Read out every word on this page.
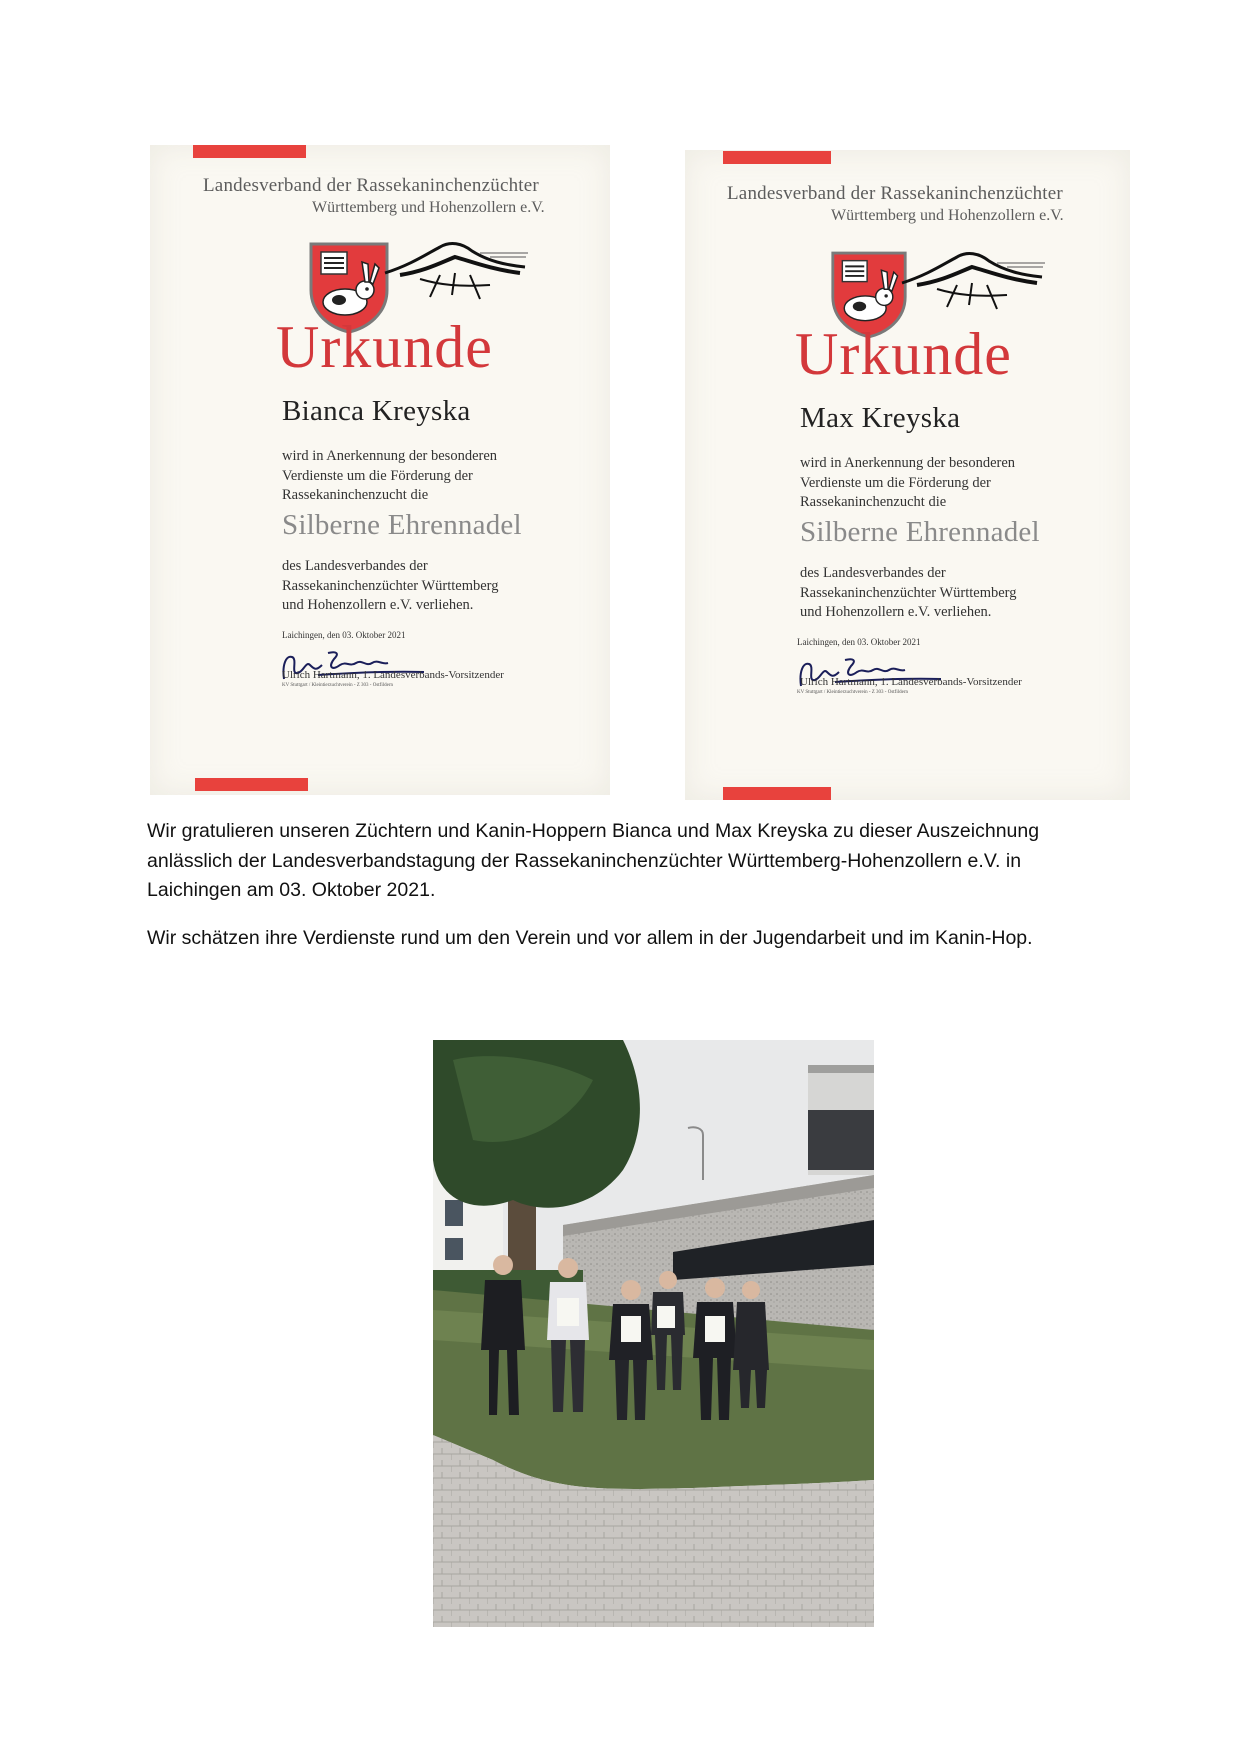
Landesverband der Rassekaninchenzüchter
Württemberg und Hohenzollern e.V.
Urkunde
Bianca Kreyska
wird in Anerkennung der besonderen
Verdienste um die Förderung der
Rassekaninchenzucht die
Silberne Ehrennadel
des Landesverbandes der
Rassekaninchenzüchter Württemberg
und Hohenzollern e.V. verliehen.
Laichingen, den 03. Oktober 2021
Ulrich Hartmann, 1. Landesverbands-Vorsitzender
KV Stuttgart / Kleintierzuchtverein - Z 303 - Ostfildern
Landesverband der Rassekaninchenzüchter
Württemberg und Hohenzollern e.V.
Urkunde
Max Kreyska
wird in Anerkennung der besonderen
Verdienste um die Förderung der
Rassekaninchenzucht die
Silberne Ehrennadel
des Landesverbandes der
Rassekaninchenzüchter Württemberg
und Hohenzollern e.V. verliehen.
Laichingen, den 03. Oktober 2021
Ulrich Hartmann, 1. Landesverbands-Vorsitzender
KV Stuttgart / Kleintierzuchtverein - Z 303 - Ostfildern

Wir gratulieren unseren Züchtern und Kanin-Hoppern Bianca und Max Kreyska zu dieser Auszeichnung anlässlich der Landesverbandstagung der Rassekaninchenzüchter Württemberg-Hohenzollern e.V. in Laichingen am 03. Oktober 2021.

Wir schätzen ihre Verdienste rund um den Verein und vor allem in der Jugendarbeit und im Kanin-Hop.
